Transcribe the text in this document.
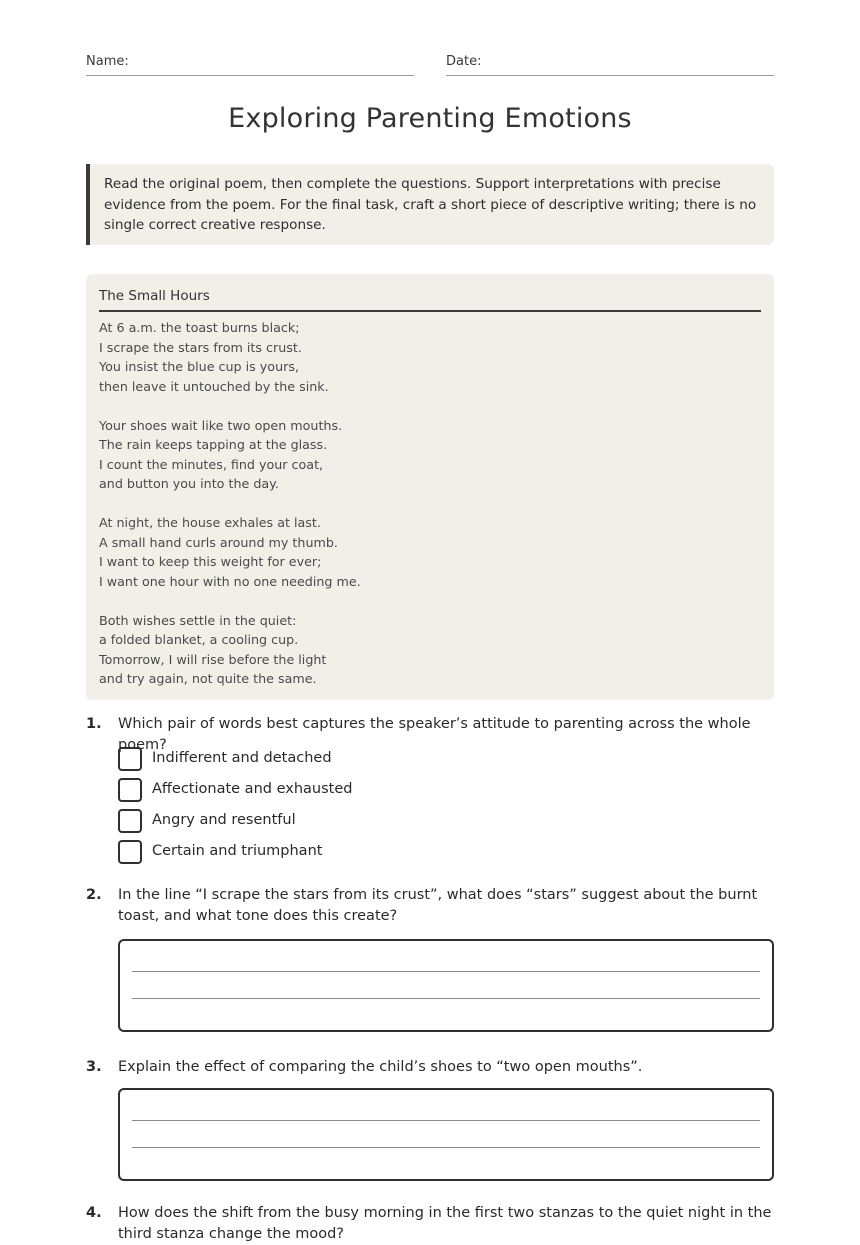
Name:	Date:
Exploring Parenting Emotions
Read the original poem, then complete the questions. Support interpretations with precise evidence from the poem. For the final task, craft a short piece of descriptive writing; there is no single correct creative response.
The Small Hours
At 6 a.m. the toast burns black;
I scrape the stars from its crust.
You insist the blue cup is yours,
then leave it untouched by the sink.
Your shoes wait like two open mouths.
The rain keeps tapping at the glass.
I count the minutes, find your coat,
and button you into the day.
At night, the house exhales at last.
A small hand curls around my thumb.
I want to keep this weight for ever;
I want one hour with no one needing me.
Both wishes settle in the quiet:
a folded blanket, a cooling cup.
Tomorrow, I will rise before the light
and try again, not quite the same.
1. Which pair of words best captures the speaker’s attitude to parenting across the whole poem?
Indifferent and detached
Affectionate and exhausted
Angry and resentful
Certain and triumphant
2. In the line “I scrape the stars from its crust”, what does “stars” suggest about the burnt toast, and what tone does this create?
3. Explain the effect of comparing the child’s shoes to “two open mouths”.
4. How does the shift from the busy morning in the first two stanzas to the quiet night in the third stanza change the mood?
